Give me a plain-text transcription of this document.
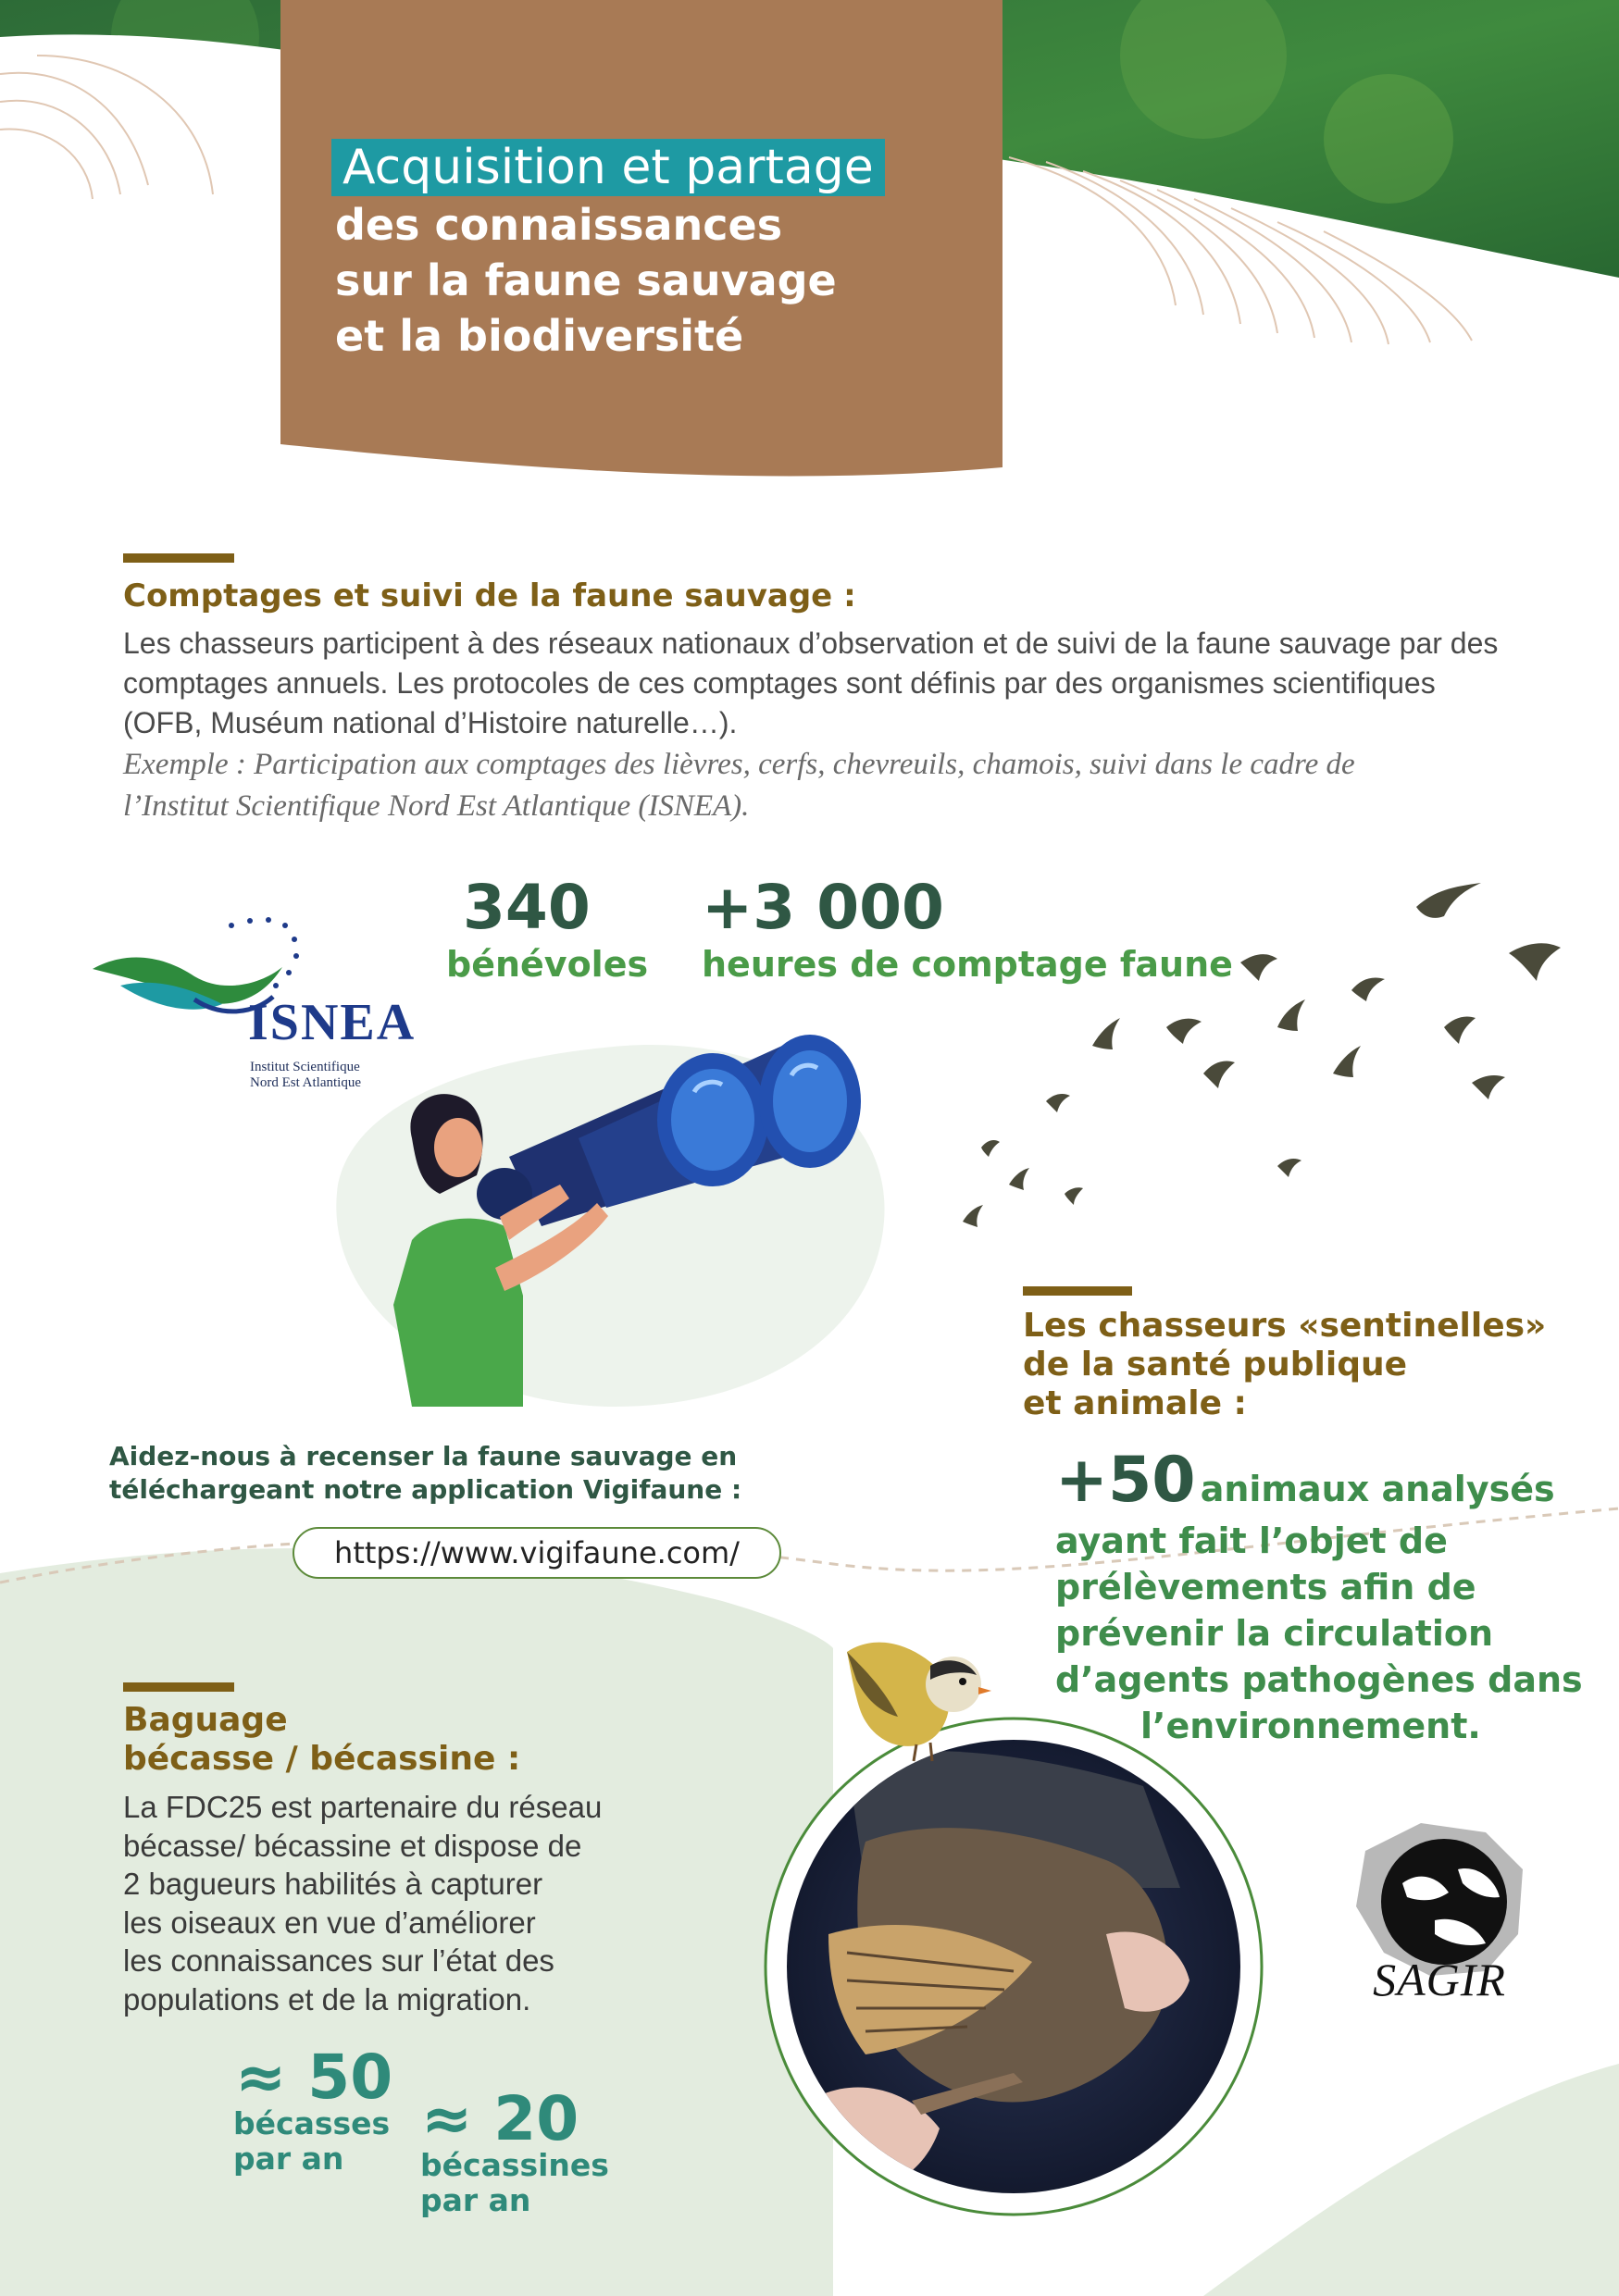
Acquisition et partage
des connaissances
sur la faune sauvage
et la biodiversité
Comptages et suivi de la faune sauvage :
Les chasseurs participent à des réseaux nationaux d’observation et de suivi de la faune sauvage par des comptages annuels. Les protocoles de ces comptages sont définis par des organismes scientifiques (OFB, Muséum national d’Histoire naturelle…).
Exemple : Participation aux comptages des lièvres, cerfs, chevreuils, chamois, suivi dans le cadre de l’Institut Scientifique Nord Est Atlantique (ISNEA).
340
bénévoles
+3 000
heures de comptage faune
ISNEA
Institut Scientifique
Nord Est Atlantique
Aidez-nous à recenser la faune sauvage en
téléchargeant notre application Vigifaune :
https://www.vigifaune.com/
Les chasseurs «sentinelles»
de la santé publique
et animale :
+50 animaux analysés
ayant fait l’objet de
prélèvements afin de
prévenir la circulation
d’agents pathogènes dans
l’environnement.
Baguage
bécasse / bécassine :
La FDC25 est partenaire du réseau
bécasse/ bécassine et dispose de
2 bagueurs habilités à capturer
les oiseaux en vue d’améliorer
les connaissances sur l’état des
populations et de la migration.
≈ 50
bécasses
par an
≈ 20
bécassines
par an
SAGIR
